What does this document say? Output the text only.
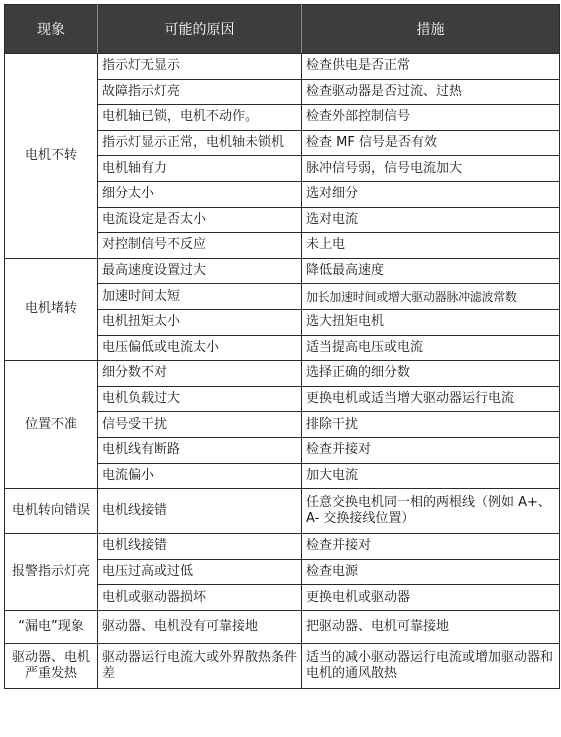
现象	可能的原因	措施
电机不转	指示灯无显示	检查供电是否正常
	故障指示灯亮	检查驱动器是否过流、过热
	电机轴已锁，电机不动作。	检查外部控制信号
	指示灯显示正常，电机轴未锁机	检查 MF 信号是否有效
	电机轴有力	脉冲信号弱，信号电流加大
	细分太小	选对细分
	电流设定是否太小	选对电流
	对控制信号不反应	未上电
电机堵转	最高速度设置过大	降低最高速度
	加速时间太短	加长加速时间或增大驱动器脉冲滤波常数
	电机扭矩太小	选大扭矩电机
	电压偏低或电流太小	适当提高电压或电流
位置不准	细分数不对	选择正确的细分数
	电机负载过大	更换电机或适当增大驱动器运行电流
	信号受干扰	排除干扰
	电机线有断路	检查并接对
	电流偏小	加大电流
电机转向错误	电机线接错	任意交换电机同一相的两根线（例如 A+、A- 交换接线位置）
报警指示灯亮	电机线接错	检查并接对
	电压过高或过低	检查电源
	电机或驱动器损坏	更换电机或驱动器
“漏电”现象	驱动器、电机没有可靠接地	把驱动器、电机可靠接地
驱动器、电机严重发热	驱动器运行电流大或外界散热条件差	适当的减小驱动器运行电流或增加驱动器和电机的通风散热
